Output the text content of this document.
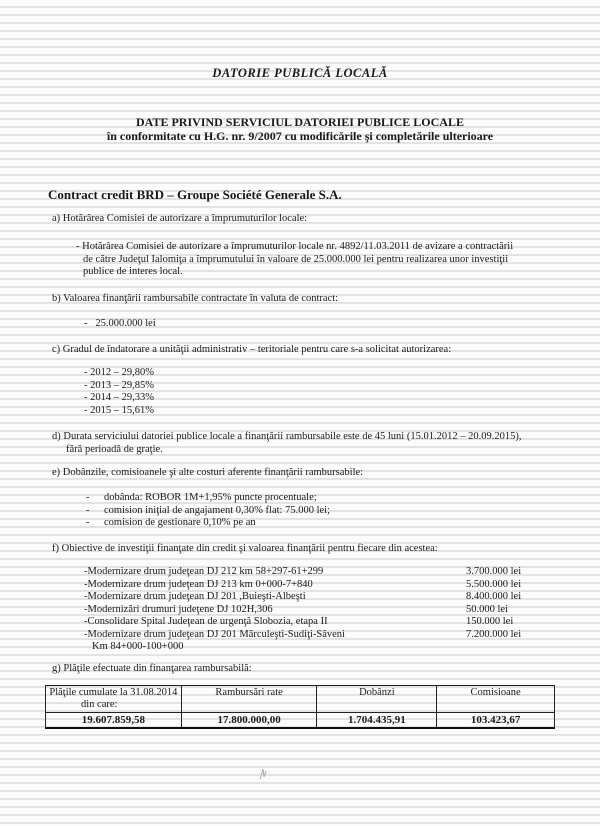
DATORIE PUBLICĂ LOCALĂ
DATE PRIVIND SERVICIUL DATORIEI PUBLICE LOCALE
în conformitate cu H.G. nr. 9/2007 cu modificările şi completările ulterioare
Contract credit BRD – Groupe Société Generale S.A.
a) Hotărârea Comisiei de autorizare a împrumuturilor locale:
- Hotărârea Comisiei de autorizare a împrumuturilor locale nr. 4892/11.03.2011 de avizare a contractării
de către Judeţul Ialomiţa a împrumutului în valoare de 25.000.000 lei pentru realizarea unor investiţii
publice de interes local.
b) Valoarea finanţării rambursabile contractate în valuta de contract:
-   25.000.000 lei
c) Gradul de îndatorare a unităţii administrativ – teritoriale pentru care s-a solicitat autorizarea:
- 2012 – 29,80%
- 2013 – 29,85%
- 2014 – 29,33%
- 2015 – 15,61%
d) Durata serviciului datoriei publice locale a finanţării rambursabile este de 45 luni (15.01.2012 – 20.09.2015),
fără perioadă de graţie.
e) Dobânzile, comisioanele şi alte costuri aferente finanţării rambursabile:
-	dobânda: ROBOR 1M+1,95% puncte procentuale;
-	comision iniţial de angajament 0,30% flat: 75.000 lei;
-	comision de gestionare 0,10% pe an
f) Obiective de investiţii finanţate din credit şi valoarea finanţării pentru fiecare din acestea:
-Modernizare drum judeţean DJ 212 km 58+297-61+299	3.700.000 lei
-Modernizare drum judeţean DJ 213 km 0+000-7+840	5.500.000 lei
-Modernizare drum judeţean DJ 201 ,Buieşti-Albeşti	8.400.000 lei
-Modernizări drumuri judeţene DJ 102H,306	50.000 lei
-Consolidare Spital Judeţean de urgenţă Slobozia, etapa II	150.000 lei
-Modernizare drum judeţean DJ 201 Mărculeşti-Sudiţi-Săveni	7.200.000 lei
Km 84+000-100+000
g) Plăţile efectuate din finanţarea rambursabilă:
Plăţile cumulate la 31.08.2014
din care:	Rambursări rate	Dobânzi	Comisioane
19.607.859,58	17.800.000,00	1.704.435,91	103.423,67
